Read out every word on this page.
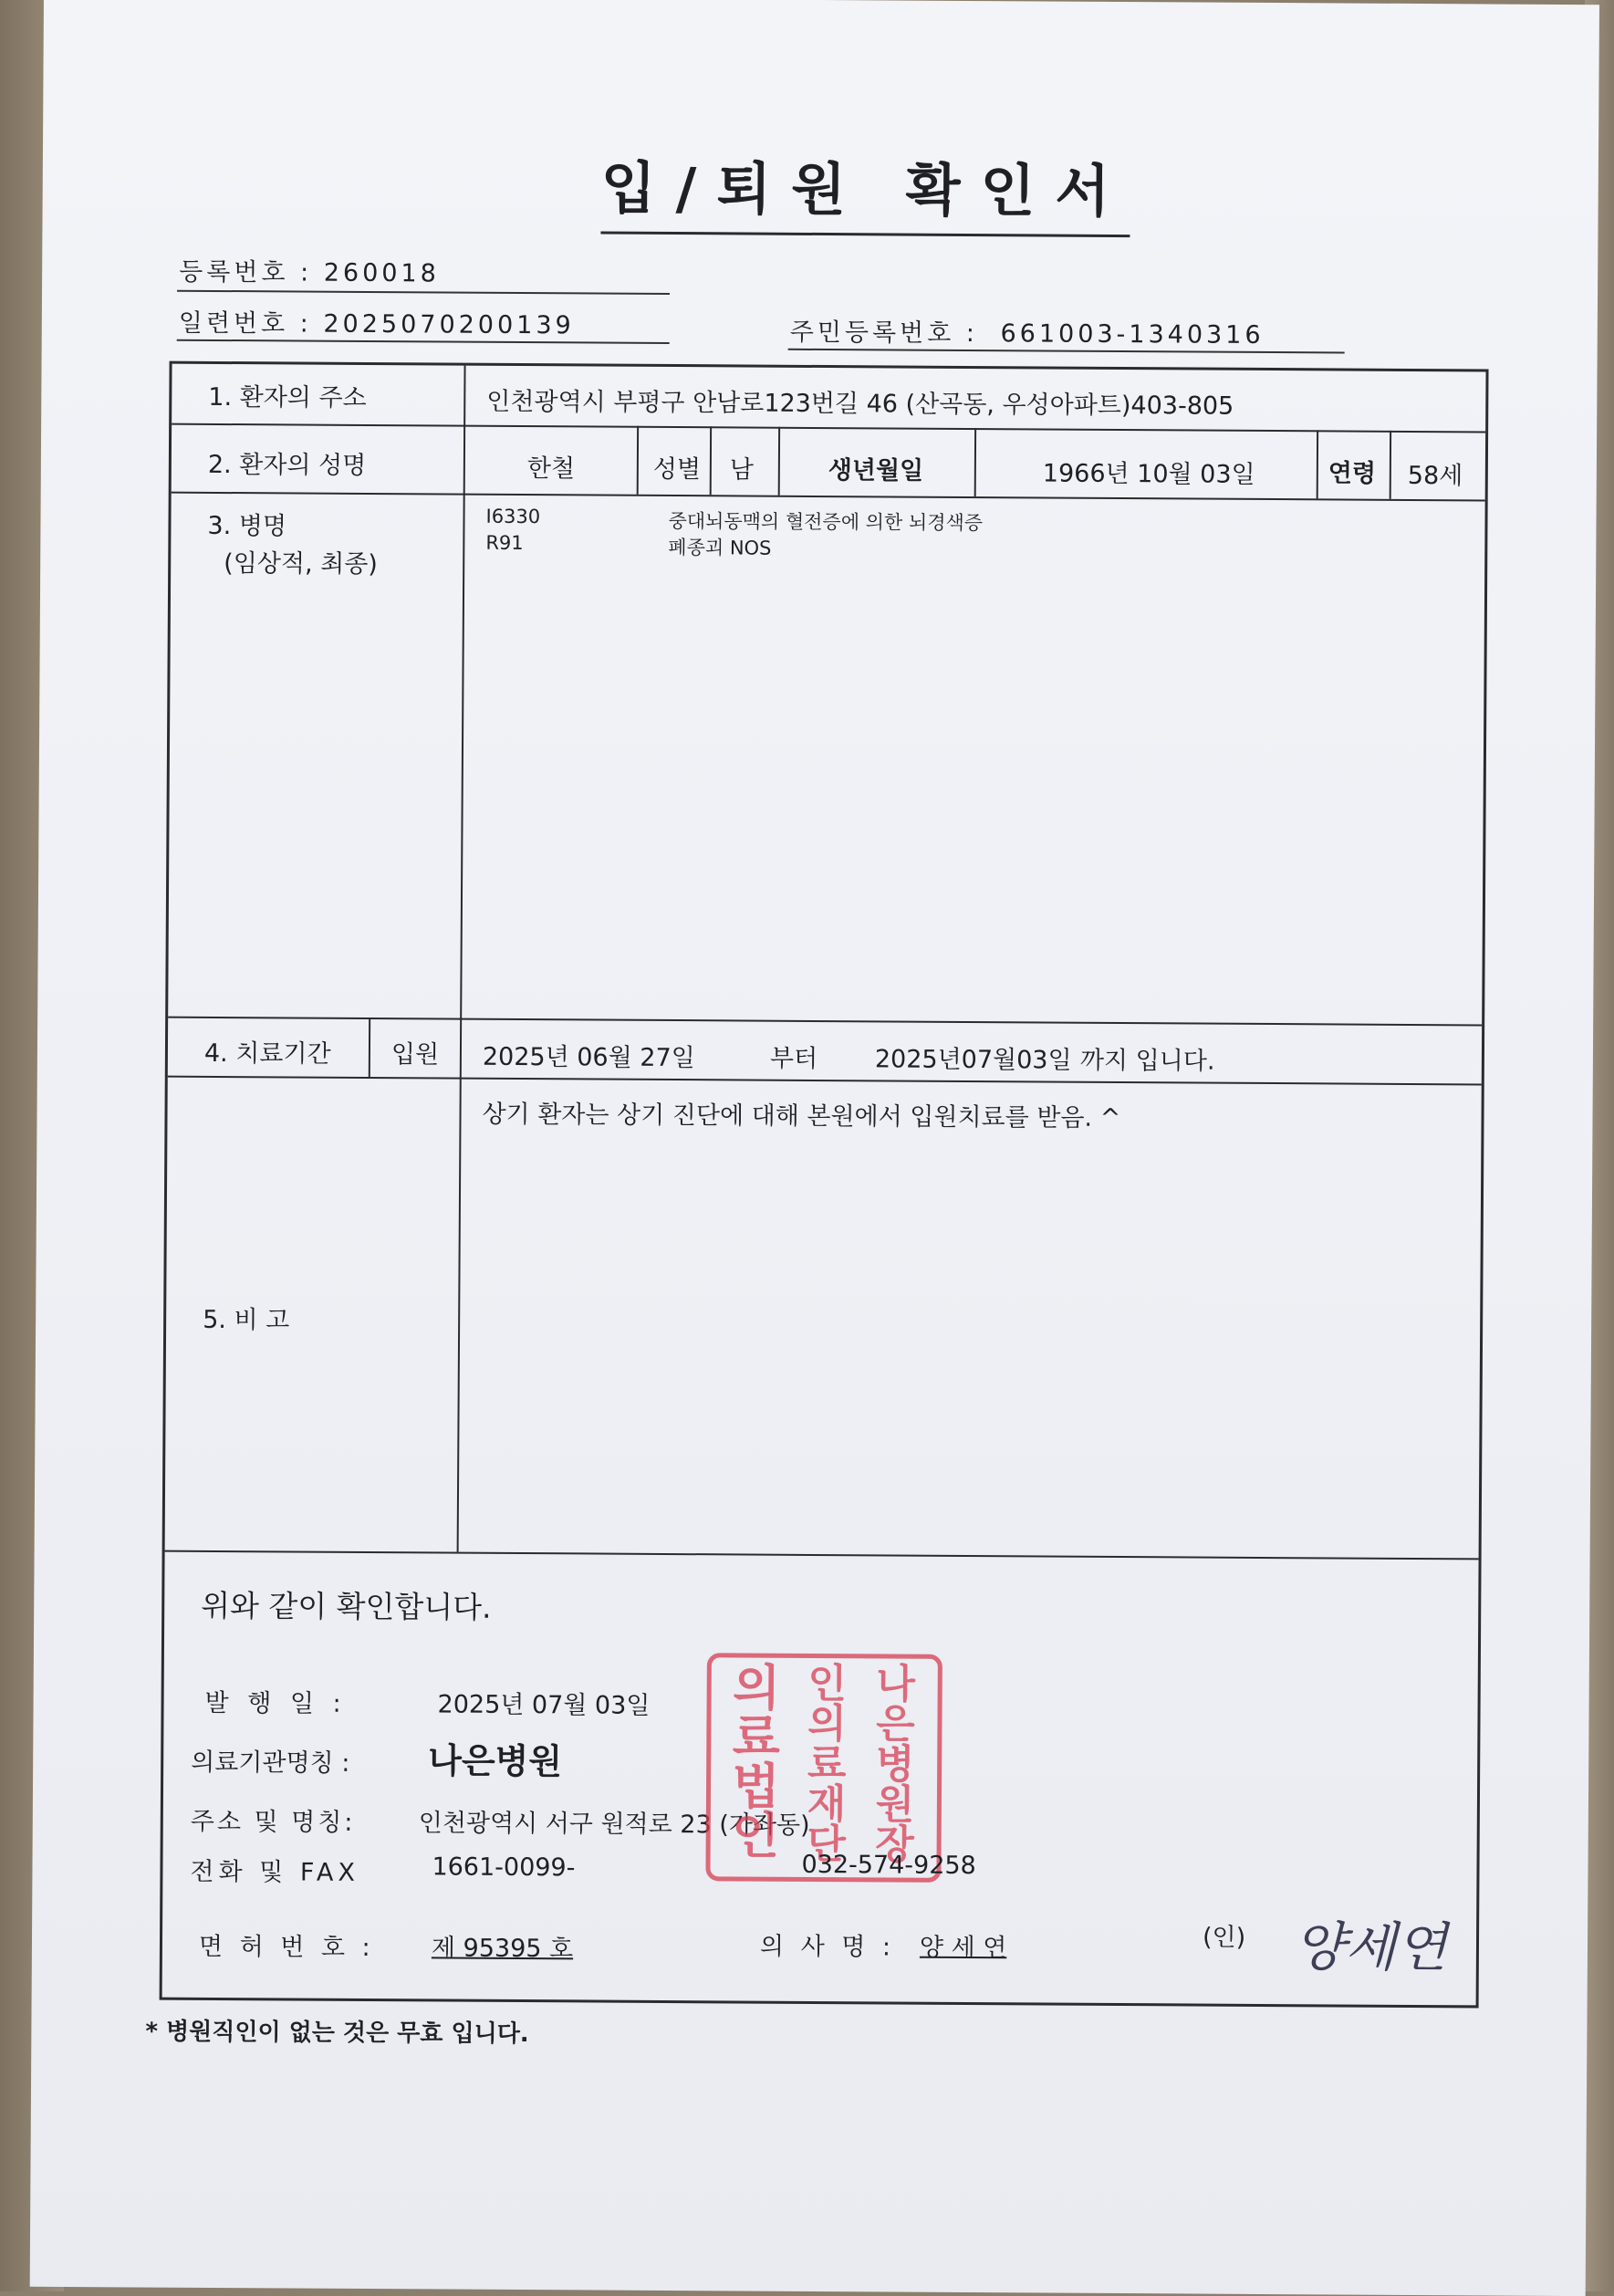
입/퇴원 확인서
등록번호 : 260018
일련번호 : 2025070200139	주민등록번호 : 661003-1340316
1. 환자의 주소	인천광역시 부평구 안남로123번길 46 (산곡동, 우성아파트)403-805
2. 환자의 성명	한철	성별 남	생년월일	1966년 10월 03일	연령 58세
3. 병명
(임상적, 최종)
I6330	중대뇌동맥의 혈전증에 의한 뇌경색증
R91	폐종괴 NOS
4. 치료기간 입원 2025년 06월 27일	부터 2025년07월03일 까지 입니다.
상기 환자는 상기 진단에 대해 본원에서 입원치료를 받음. ^
5. 비 고
위와 같이 확인합니다.
발 행 일 :	2025년 07월 03일
의료기관명칭 : 나은병원
주소 및 명칭:	인천광역시 서구 원적로 23 (가좌동)
전화 및 FAX	1661-0099-	032-574-9258
면 허 번 호 : 제 95395 호	의 사 명 : 양 세 연	(인) 양세연
의료법인 인의료재단 나은병원장
* 병원직인이 없는 것은 무효 입니다.
